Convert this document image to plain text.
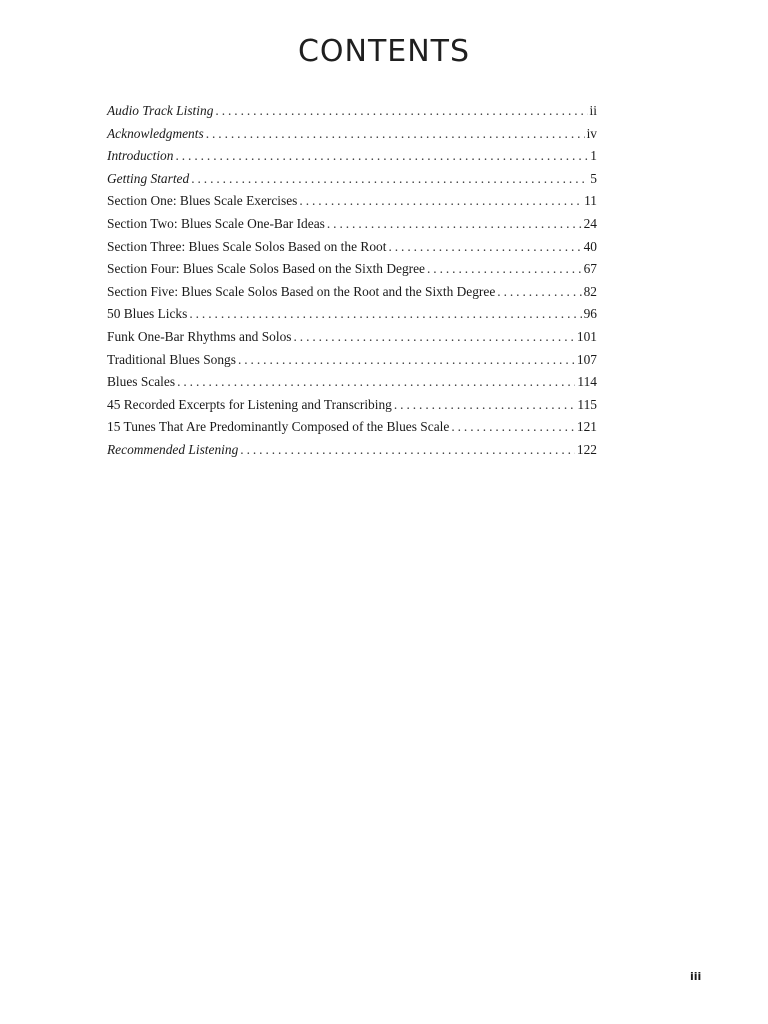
CONTENTS
Audio Track Listing . . .	ii
Acknowledgments . . .	iv
Introduction . . .	1
Getting Started . . .	5
Section One: Blues Scale Exercises . . .	11
Section Two: Blues Scale One-Bar Ideas . . .	24
Section Three: Blues Scale Solos Based on the Root . . .	40
Section Four: Blues Scale Solos Based on the Sixth Degree . . .	67
Section Five: Blues Scale Solos Based on the Root and the Sixth Degree . . .	82
50 Blues Licks . . .	96
Funk One-Bar Rhythms and Solos . . .	101
Traditional Blues Songs . . .	107
Blues Scales . . .	114
45 Recorded Excerpts for Listening and Transcribing . . .	115
15 Tunes That Are Predominantly Composed of the Blues Scale . . .	121
Recommended Listening . . .	122
iii
